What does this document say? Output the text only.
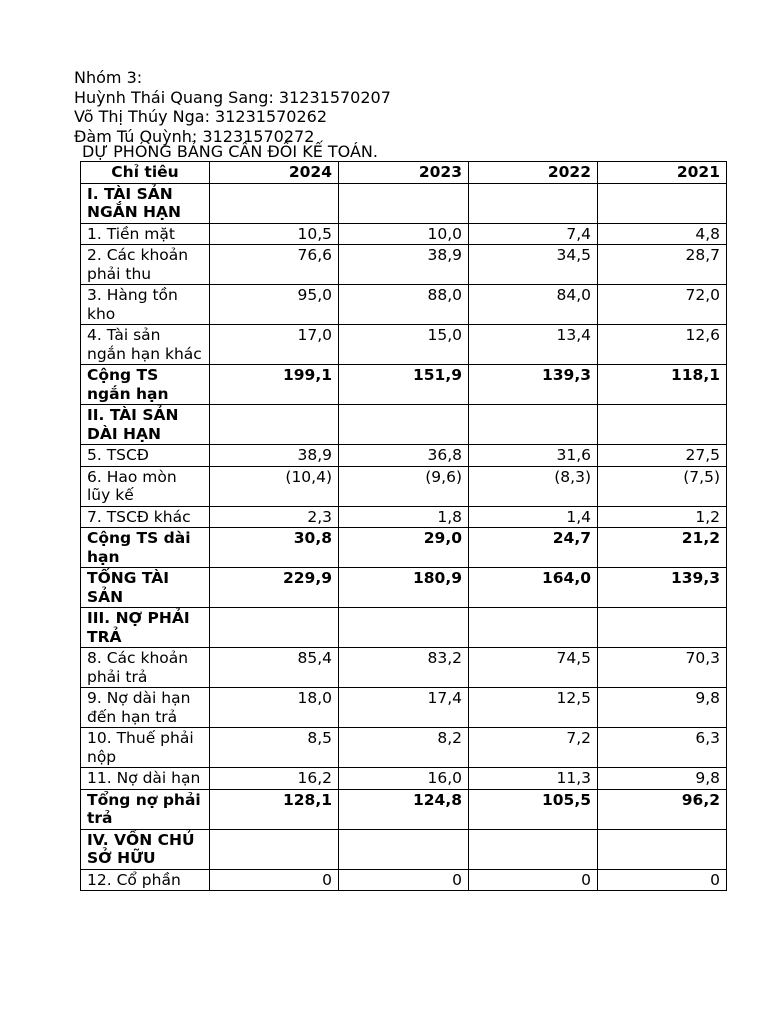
Nhóm 3:
Huỳnh Thái Quang Sang: 31231570207
Võ Thị Thúy Nga: 31231570262
Đàm Tú Quỳnh: 31231570272
DỰ PHÓNG BẢNG CÂN ĐỐI KẾ TOÁN.
Chỉ tiêu	2024	2023	2022	2021
I. TÀI SẢN NGẮN HẠN				
1. Tiền mặt	10,5	10,0	7,4	4,8
2. Các khoản phải thu	76,6	38,9	34,5	28,7
3. Hàng tồn kho	95,0	88,0	84,0	72,0
4. Tài sản ngắn hạn khác	17,0	15,0	13,4	12,6
Cộng TS ngắn hạn	199,1	151,9	139,3	118,1
II. TÀI SẢN DÀI HẠN				
5. TSCĐ	38,9	36,8	31,6	27,5
6. Hao mòn lũy kế	(10,4)	(9,6)	(8,3)	(7,5)
7. TSCĐ khác	2,3	1,8	1,4	1,2
Cộng TS dài hạn	30,8	29,0	24,7	21,2
TỔNG TÀI SẢN	229,9	180,9	164,0	139,3
III. NỢ PHẢI TRẢ				
8. Các khoản phải trả	85,4	83,2	74,5	70,3
9. Nợ dài hạn đến hạn trả	18,0	17,4	12,5	9,8
10. Thuế phải nộp	8,5	8,2	7,2	6,3
11. Nợ dài hạn	16,2	16,0	11,3	9,8
Tổng nợ phải trả	128,1	124,8	105,5	96,2
IV. VỐN CHỦ SỞ HỮU				
12. Cổ phần	0	0	0	0
